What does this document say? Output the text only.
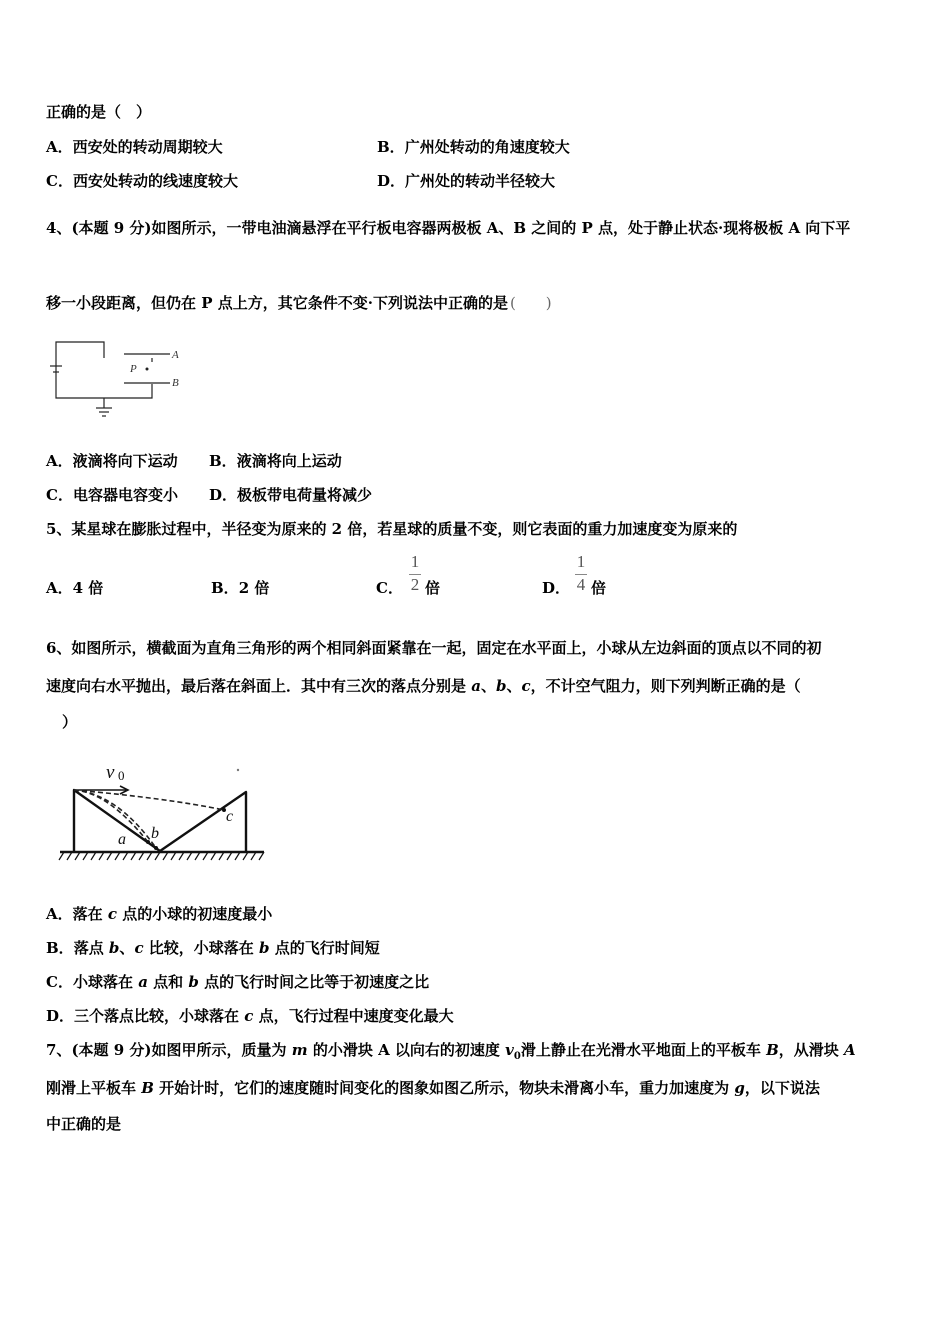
正确的是（　）
A．西安处的转动周期较大	B．广州处转动的角速度较大
C．西安处转动的线速度较大	D．广州处的转动半径较大
4、(本题 9 分)如图所示，一带电油滴悬浮在平行板电容器两极板 A、B 之间的 P 点，处于静止状态·现将极板 A 向下平
移一小段距离，但仍在 P 点上方，其它条件不变·下列说法中正确的是 (　　)
A
P
B
A．液滴将向下运动 B．液滴将向上运动
C．电容器电容变小 D．极板带电荷量将减少
5、某星球在膨胀过程中，半径变为原来的 2 倍，若星球的质量不变，则它表面的重力加速度变为原来的
A．4 倍	B．2 倍	C．
1
2 倍	D．
1
4 倍
6、如图所示，横截面为直角三角形的两个相同斜面紧靠在一起，固定在水平面上，小球从左边斜面的顶点以不同的初
速度向右水平抛出，最后落在斜面上．其中有三次的落点分别是 a、b、c，不计空气阻力，则下列判断正确的是（
）
v 0
a b
c
A．落在 c 点的小球的初速度最小
B．落点 b、c 比较，小球落在 b 点的飞行时间短
C．小球落在 a 点和 b 点的飞行时间之比等于初速度之比
D．三个落点比较，小球落在 c 点，飞行过程中速度变化最大
7、(本题 9 分)如图甲所示，质量为 m 的小滑块 A 以向右的初速度 $v_0$滑上静止在光滑水平地面上的平板车 B，从滑块 A
刚滑上平板车 B 开始计时，它们的速度随时间变化的图象如图乙所示，物块未滑离小车，重力加速度为 g，以下说法
中正确的是
